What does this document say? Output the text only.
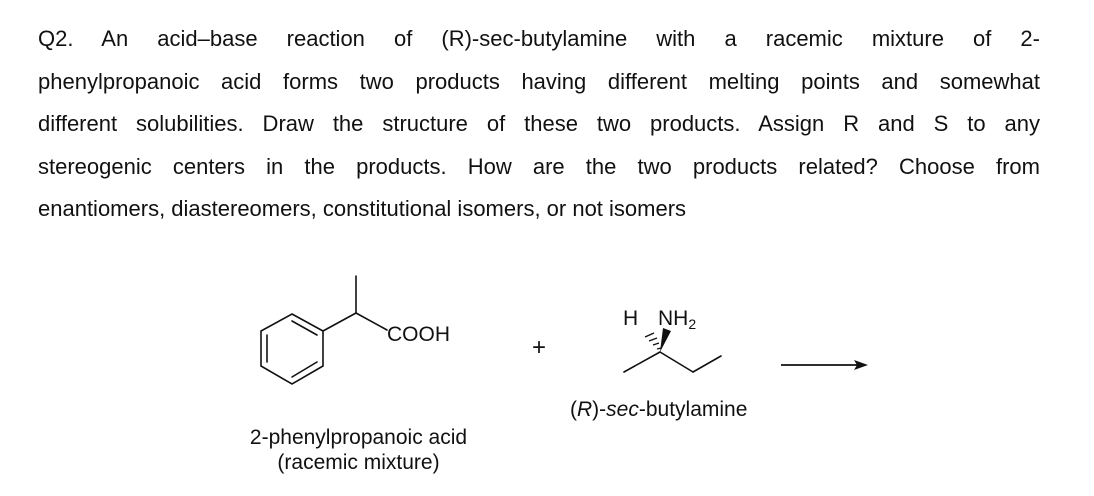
Q2. An acid–base reaction of (R)-sec-butylamine with a racemic mixture of 2-
phenylpropanoic acid forms two products having different melting points and somewhat
different solubilities. Draw the structure of these two products. Assign R and S to any
stereogenic centers in the products. How are the two products related? Choose from
enantiomers, diastereomers, constitutional isomers, or not isomers
COOH	+
H $NH_2$
(R)-sec-butylamine
2-phenylpropanoic acid
(racemic mixture)
